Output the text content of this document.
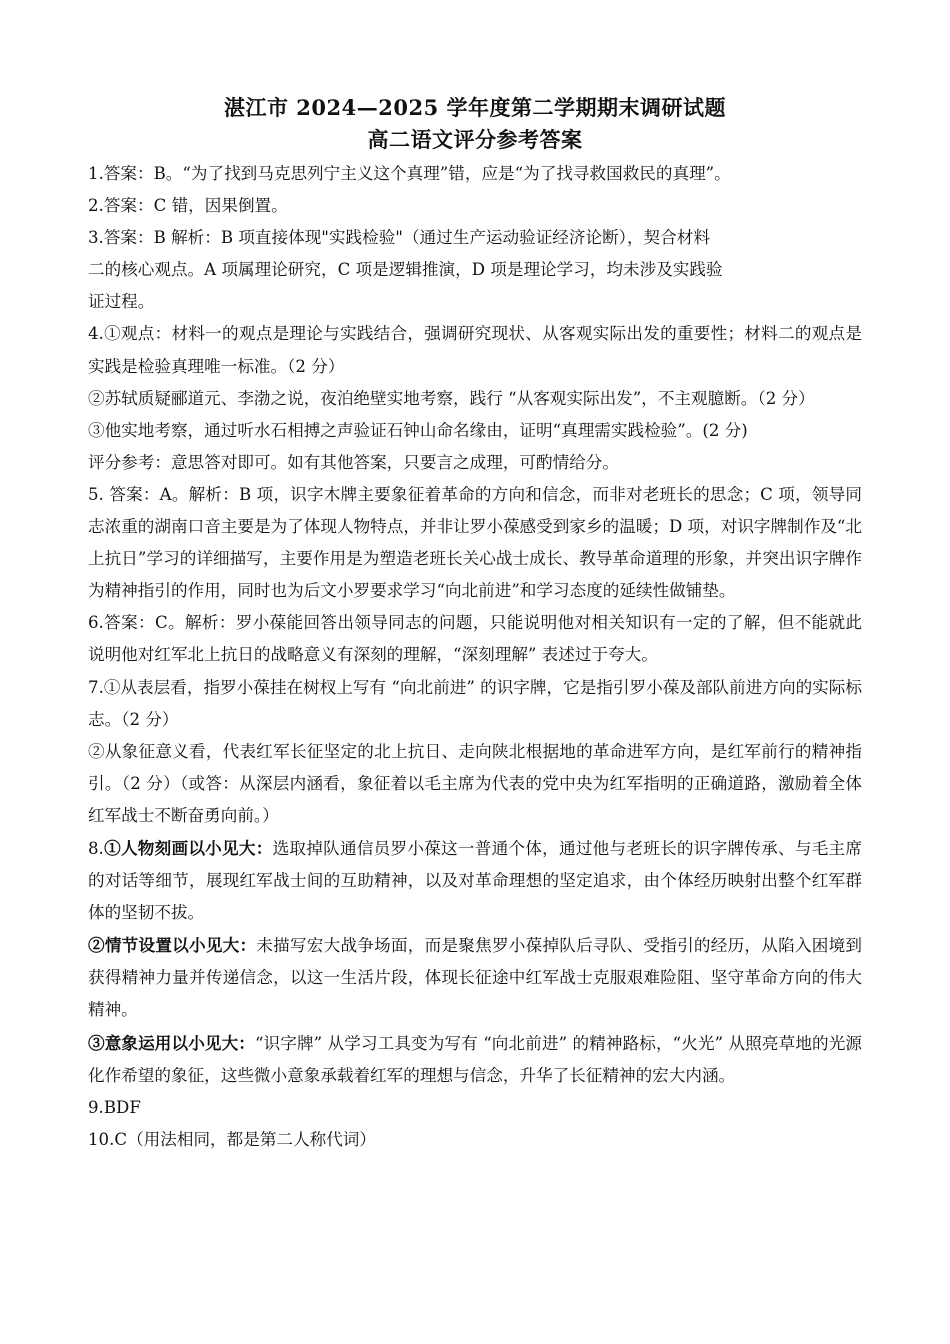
湛江市 2024—2025 学年度第二学期期末调研试题
高二语文评分参考答案

1.答案：B。“为了找到马克思列宁主义这个真理”错，应是“为了找寻救国救民的真理”。

2.答案：C 错，因果倒置。

3.答案：B 解析：B 项直接体现"实践检验"（通过生产运动验证经济论断），契合材料

二的核心观点。A 项属理论研究，C 项是逻辑推演，D 项是理论学习，均未涉及实践验

证过程。

4.①观点：材料一的观点是理论与实践结合，强调研究现状、从客观实际出发的重要性；材料二的观点是实践是检验真理唯一标准。（2 分）

②苏轼质疑郦道元、李渤之说，夜泊绝壁实地考察，践行 “从客观实际出发”，不主观臆断。（2 分）

③他实地考察，通过听水石相搏之声验证石钟山命名缘由，证明“真理需实践检验”。(2 分)

评分参考：意思答对即可。如有其他答案，只要言之成理，可酌情给分。

5. 答案：A。解析：B 项，识字木牌主要象征着革命的方向和信念，而非对老班长的思念；C 项，领导同志浓重的湖南口音主要是为了体现人物特点，并非让罗小葆感受到家乡的温暖；D 项，对识字牌制作及“北上抗日”学习的详细描写，主要作用是为塑造老班长关心战士成长、教导革命道理的形象，并突出识字牌作为精神指引的作用，同时也为后文小罗要求学习“向北前进”和学习态度的延续性做铺垫。

6.答案：C。解析：罗小葆能回答出领导同志的问题，只能说明他对相关知识有一定的了解，但不能就此说明他对红军北上抗日的战略意义有深刻的理解，“深刻理解” 表述过于夸大。

7.①从表层看，指罗小葆挂在树杈上写有 “向北前进” 的识字牌，它是指引罗小葆及部队前进方向的实际标志。（2 分）

②从象征意义看，代表红军长征坚定的北上抗日、走向陕北根据地的革命进军方向，是红军前行的精神指引。（2 分）（或答：从深层内涵看，象征着以毛主席为代表的党中央为红军指明的正确道路，激励着全体红军战士不断奋勇向前。）

8.①人物刻画以小见大：选取掉队通信员罗小葆这一普通个体，通过他与老班长的识字牌传承、与毛主席的对话等细节，展现红军战士间的互助精神，以及对革命理想的坚定追求，由个体经历映射出整个红军群体的坚韧不拔。

②情节设置以小见大：未描写宏大战争场面，而是聚焦罗小葆掉队后寻队、受指引的经历，从陷入困境到获得精神力量并传递信念，以这一生活片段，体现长征途中红军战士克服艰难险阻、坚守革命方向的伟大精神。

③意象运用以小见大：“识字牌” 从学习工具变为写有 “向北前进” 的精神路标，“火光” 从照亮草地的光源化作希望的象征，这些微小意象承载着红军的理想与信念，升华了长征精神的宏大内涵。

9.BDF

10.C（用法相同，都是第二人称代词）
